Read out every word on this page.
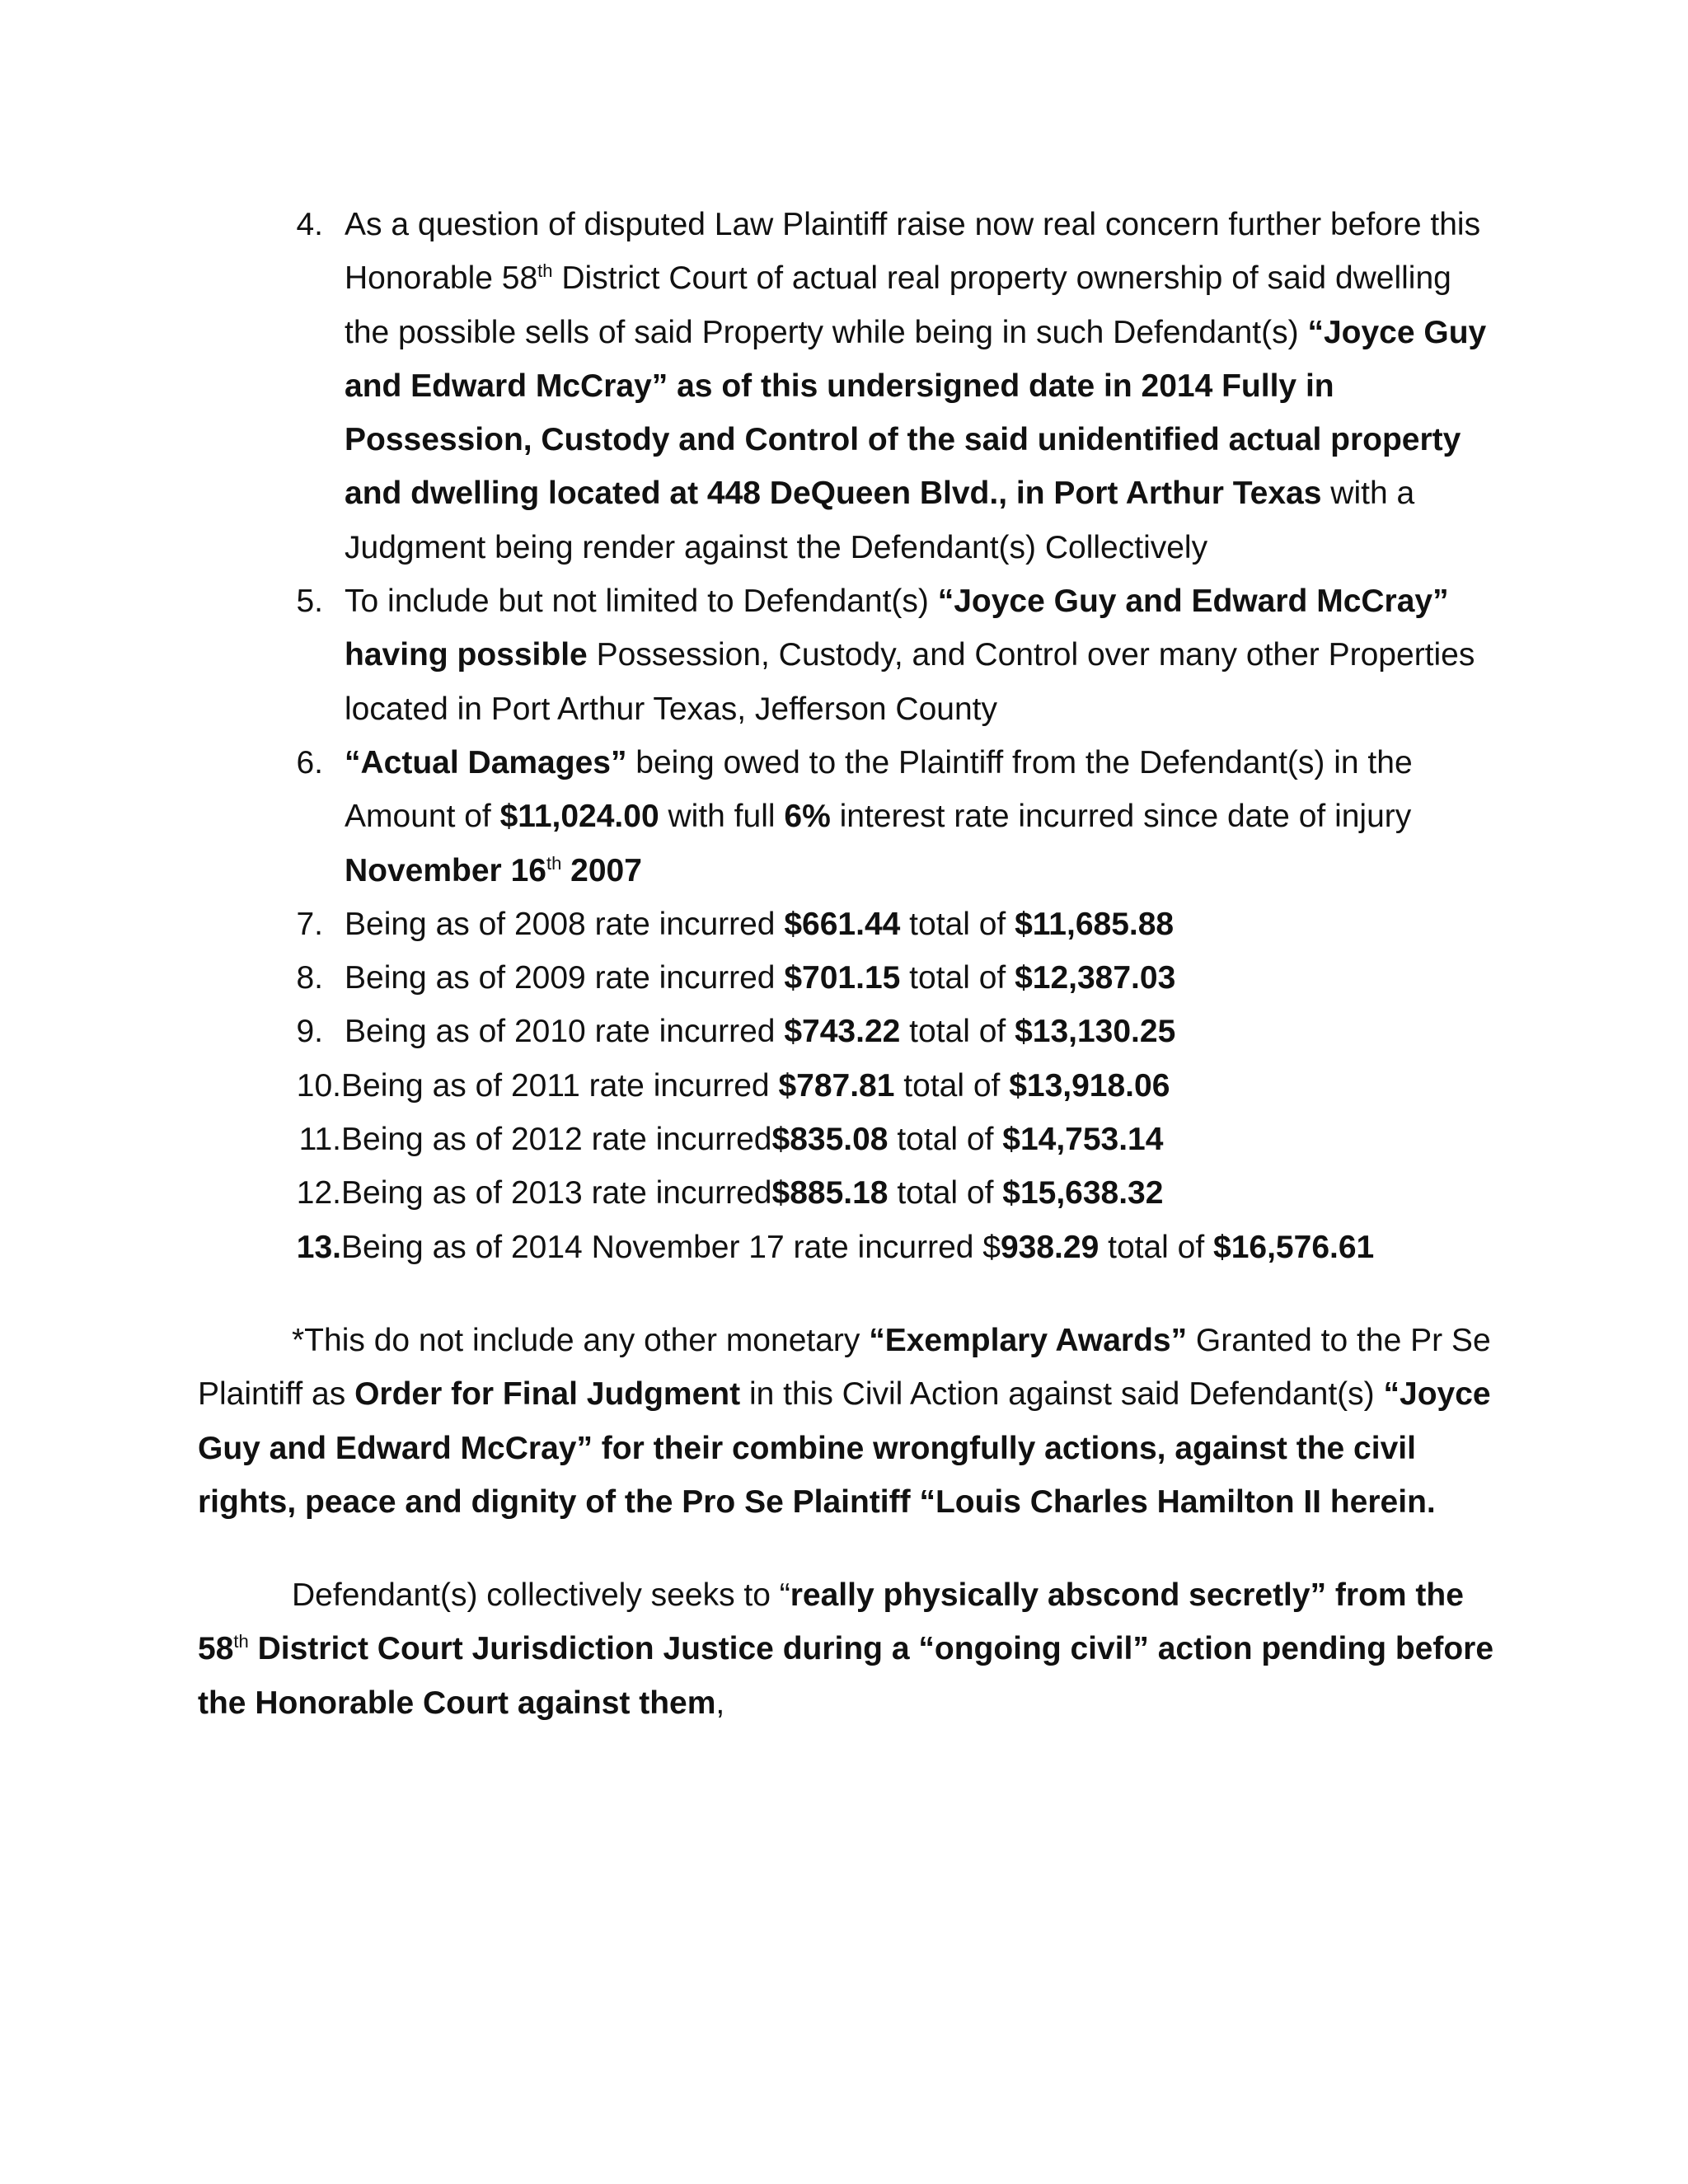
4. As a question of disputed Law Plaintiff raise now real concern further before this Honorable 58th District Court of actual real property ownership of said dwelling the possible sells of said Property while being in such Defendant(s) “Joyce Guy and Edward McCray” as of this undersigned date in 2014 Fully in Possession, Custody and Control of the said unidentified actual property and dwelling located at 448 DeQueen Blvd., in Port Arthur Texas with a Judgment being render against the Defendant(s) Collectively
5. To include but not limited to Defendant(s) “Joyce Guy and Edward McCray” having possible Possession, Custody, and Control over many other Properties located in Port Arthur Texas, Jefferson County
6. “Actual Damages” being owed to the Plaintiff from the Defendant(s) in the Amount of $11,024.00 with full 6% interest rate incurred since date of injury November 16th 2007
7. Being as of 2008 rate incurred $661.44 total of $11,685.88
8. Being as of 2009 rate incurred $701.15 total of $12,387.03
9. Being as of 2010 rate incurred $743.22 total of $13,130.25
10. Being as of 2011 rate incurred $787.81 total of $13,918.06
11. Being as of 2012 rate incurred$835.08 total of $14,753.14
12. Being as of 2013 rate incurred$885.18 total of $15,638.32
13. Being as of 2014 November 17 rate incurred $938.29 total of $16,576.61

*This do not include any other monetary “Exemplary Awards” Granted to the Pr Se Plaintiff as Order for Final Judgment in this Civil Action against said Defendant(s) “Joyce Guy and Edward McCray” for their combine wrongfully actions, against the civil rights, peace and dignity of the Pro Se Plaintiff “Louis Charles Hamilton II herein.

Defendant(s) collectively seeks to “really physically abscond secretly” from the 58th District Court Jurisdiction Justice during a “ongoing civil” action pending before the Honorable Court against them,
